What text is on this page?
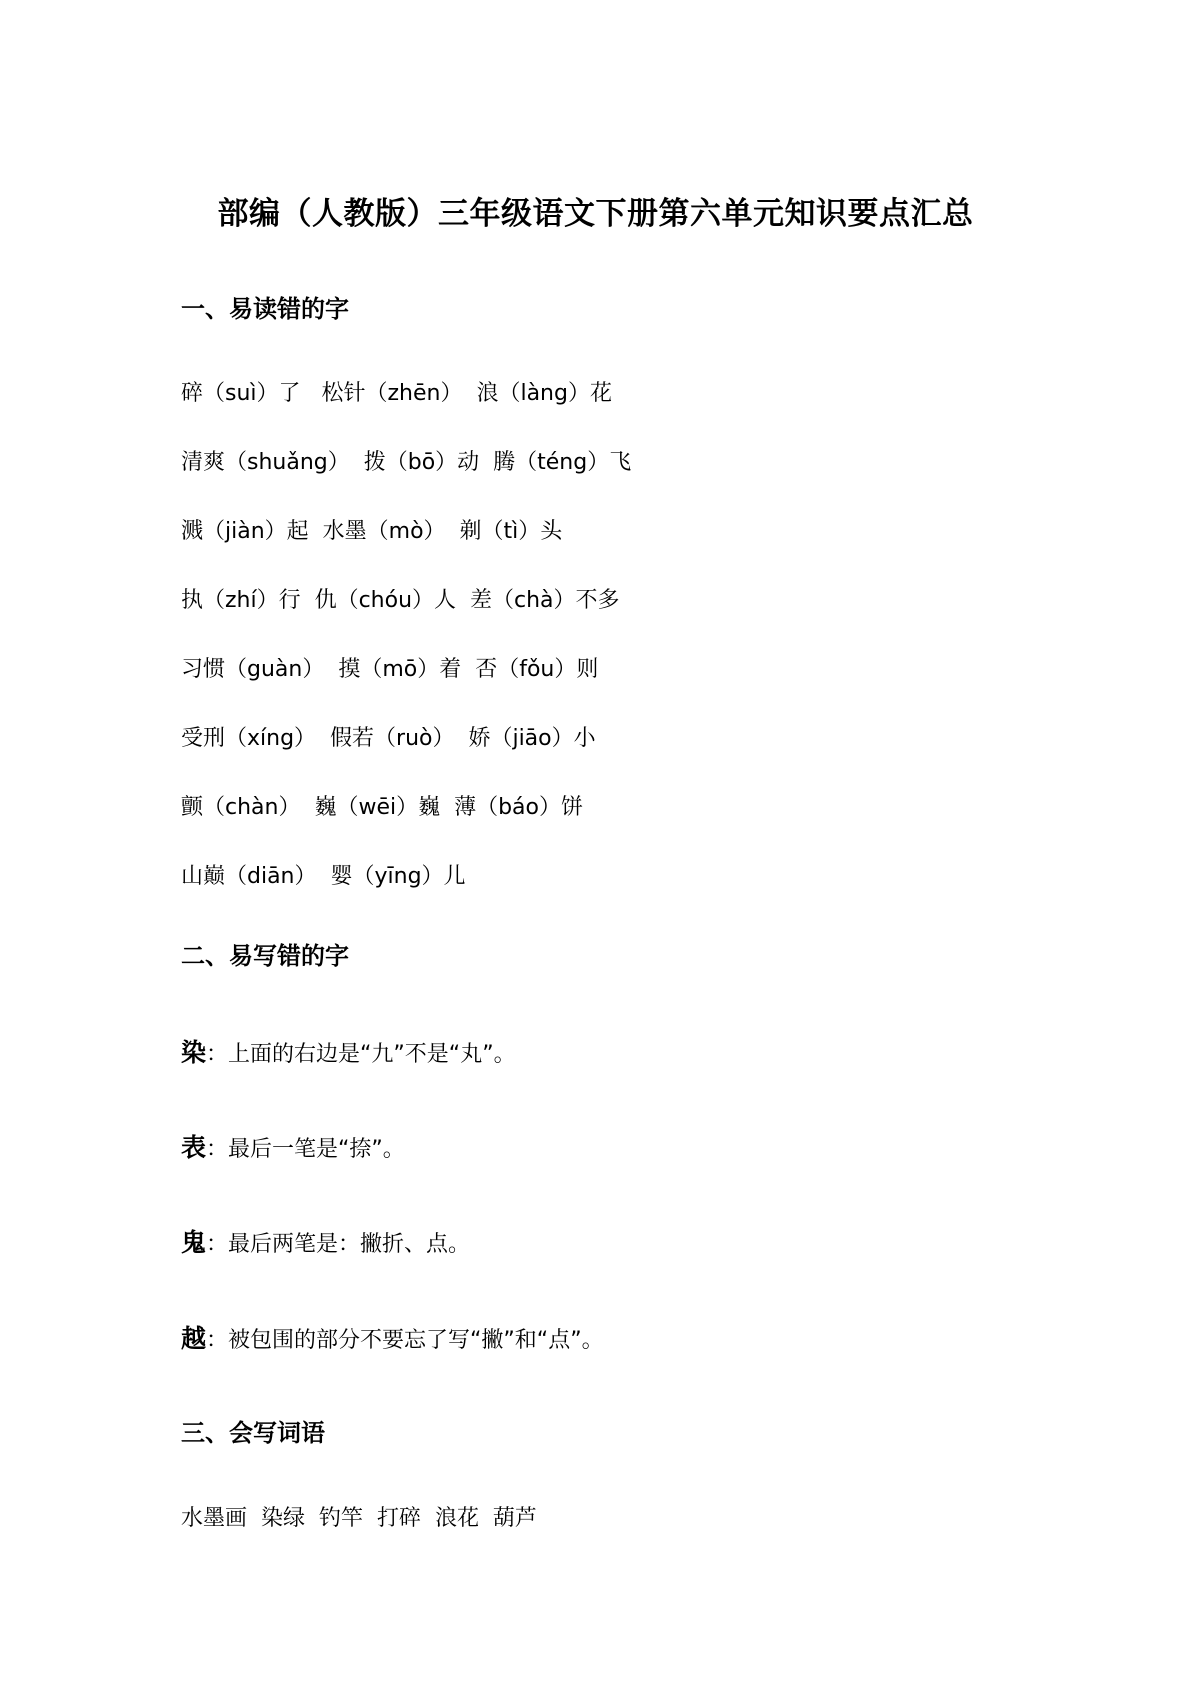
部编（人教版）三年级语文下册第六单元知识要点汇总
一、易读错的字
碎（suì）了   松针（zhēn）  浪（làng）花
清爽（shuǎng）  拨（bō）动  腾（téng）飞
溅（jiàn）起  水墨（mò）  剃（tì）头
执（zhí）行  仇（chóu）人  差（chà）不多
习惯（guàn）  摸（mō）着  否（fǒu）则
受刑（xíng）  假若（ruò）  娇（jiāo）小
颤（chàn）  巍（wēi）巍  薄（báo）饼
山巅（diān）  婴（yīng）儿
二、易写错的字
染：上面的右边是“九”不是“丸”。
表：最后一笔是“捺”。
鬼：最后两笔是：撇折、点。
越：被包围的部分不要忘了写“撇”和“点”。
三、会写词语
水墨画  染绿  钓竿  打碎  浪花  葫芦
